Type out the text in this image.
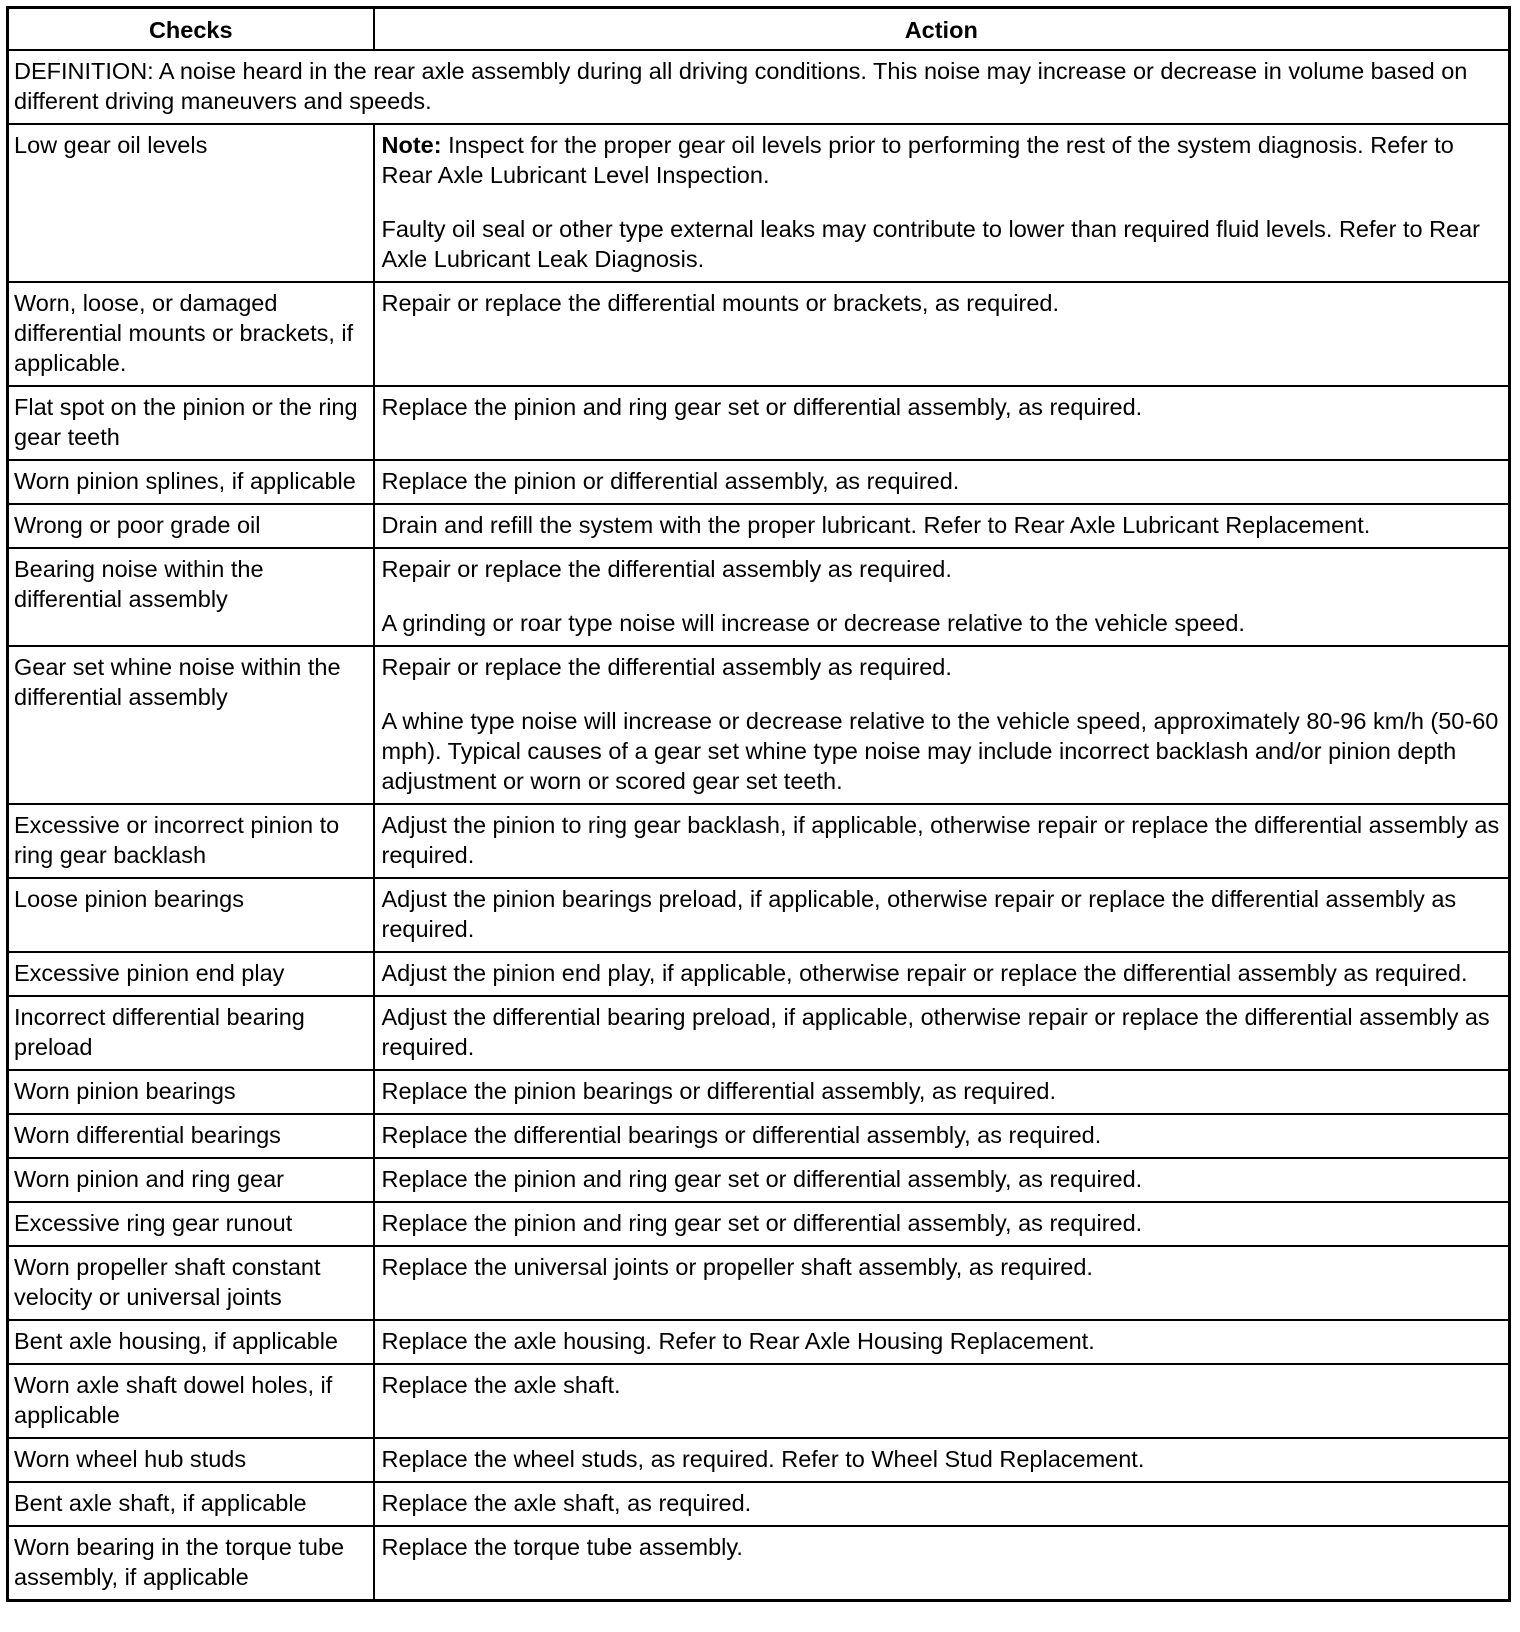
Checks	Action
DEFINITION: A noise heard in the rear axle assembly during all driving conditions. This noise may increase or decrease in volume based on different driving maneuvers and speeds.	
Low gear oil levels	Note: Inspect for the proper gear oil levels prior to performing the rest of the system diagnosis. Refer to Rear Axle Lubricant Level Inspection.
Faulty oil seal or other type external leaks may contribute to lower than required fluid levels. Refer to Rear Axle Lubricant Leak Diagnosis.

Worn, loose, or damaged differential mounts or brackets, if applicable.	Repair or replace the differential mounts or brackets, as required.
Flat spot on the pinion or the ring gear teeth	Replace the pinion and ring gear set or differential assembly, as required.
Worn pinion splines, if applicable	Replace the pinion or differential assembly, as required.
Wrong or poor grade oil	Drain and refill the system with the proper lubricant. Refer to Rear Axle Lubricant Replacement.
Bearing noise within the differential assembly	Repair or replace the differential assembly as required.
A grinding or roar type noise will increase or decrease relative to the vehicle speed.

Gear set whine noise within the differential assembly	Repair or replace the differential assembly as required.
A whine type noise will increase or decrease relative to the vehicle speed, approximately 80-96 km/h (50-60 mph). Typical causes of a gear set whine type noise may include incorrect backlash and/or pinion depth adjustment or worn or scored gear set teeth.

Excessive or incorrect pinion to ring gear backlash	Adjust the pinion to ring gear backlash, if applicable, otherwise repair or replace the differential assembly as required.
Loose pinion bearings	Adjust the pinion bearings preload, if applicable, otherwise repair or replace the differential assembly as required.
Excessive pinion end play	Adjust the pinion end play, if applicable, otherwise repair or replace the differential assembly as required.
Incorrect differential bearing preload	Adjust the differential bearing preload, if applicable, otherwise repair or replace the differential assembly as required.
Worn pinion bearings	Replace the pinion bearings or differential assembly, as required.
Worn differential bearings	Replace the differential bearings or differential assembly, as required.
Worn pinion and ring gear	Replace the pinion and ring gear set or differential assembly, as required.
Excessive ring gear runout	Replace the pinion and ring gear set or differential assembly, as required.
Worn propeller shaft constant velocity or universal joints	Replace the universal joints or propeller shaft assembly, as required.
Bent axle housing, if applicable	Replace the axle housing. Refer to Rear Axle Housing Replacement.
Worn axle shaft dowel holes, if applicable	Replace the axle shaft.
Worn wheel hub studs	Replace the wheel studs, as required. Refer to Wheel Stud Replacement.
Bent axle shaft, if applicable	Replace the axle shaft, as required.
Worn bearing in the torque tube assembly, if applicable	Replace the torque tube assembly.
